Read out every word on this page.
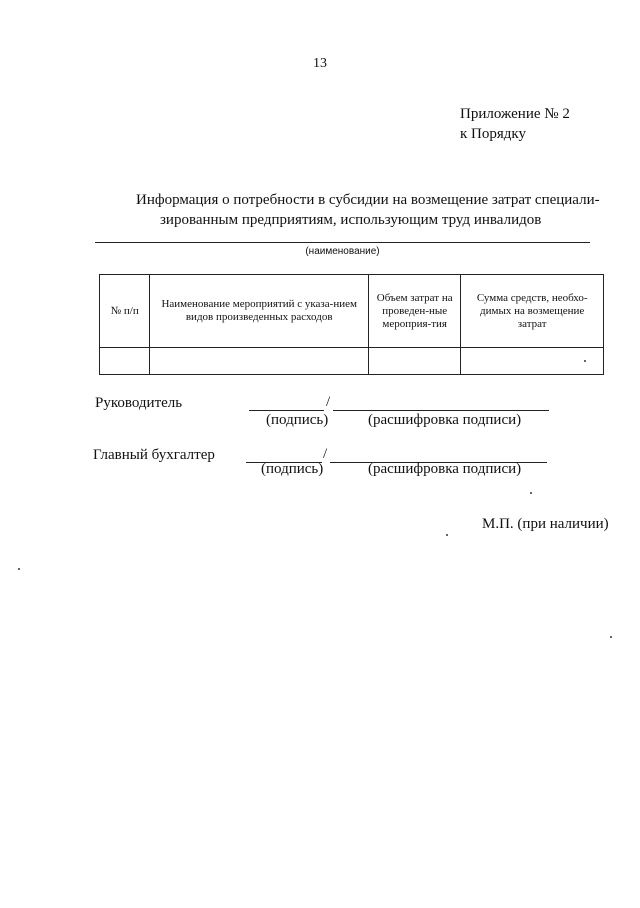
13
Приложение № 2
к Порядку
Информация о потребности в субсидии на возмещение затрат специали-
зированным предприятиям, использующим труд инвалидов
(наименование)
№ п/п	Наименование мероприятий с указа-нием видов произведенных расходов	Объем затрат на проведен-ные мероприя-тия	Сумма средств, необхо-димых на возмещение затрат

Руководитель	/
(подпись)	(расшифровка подписи)
Главный бухгалтер	/
(подпись)	(расшифровка подписи)
М.П. (при наличии)
